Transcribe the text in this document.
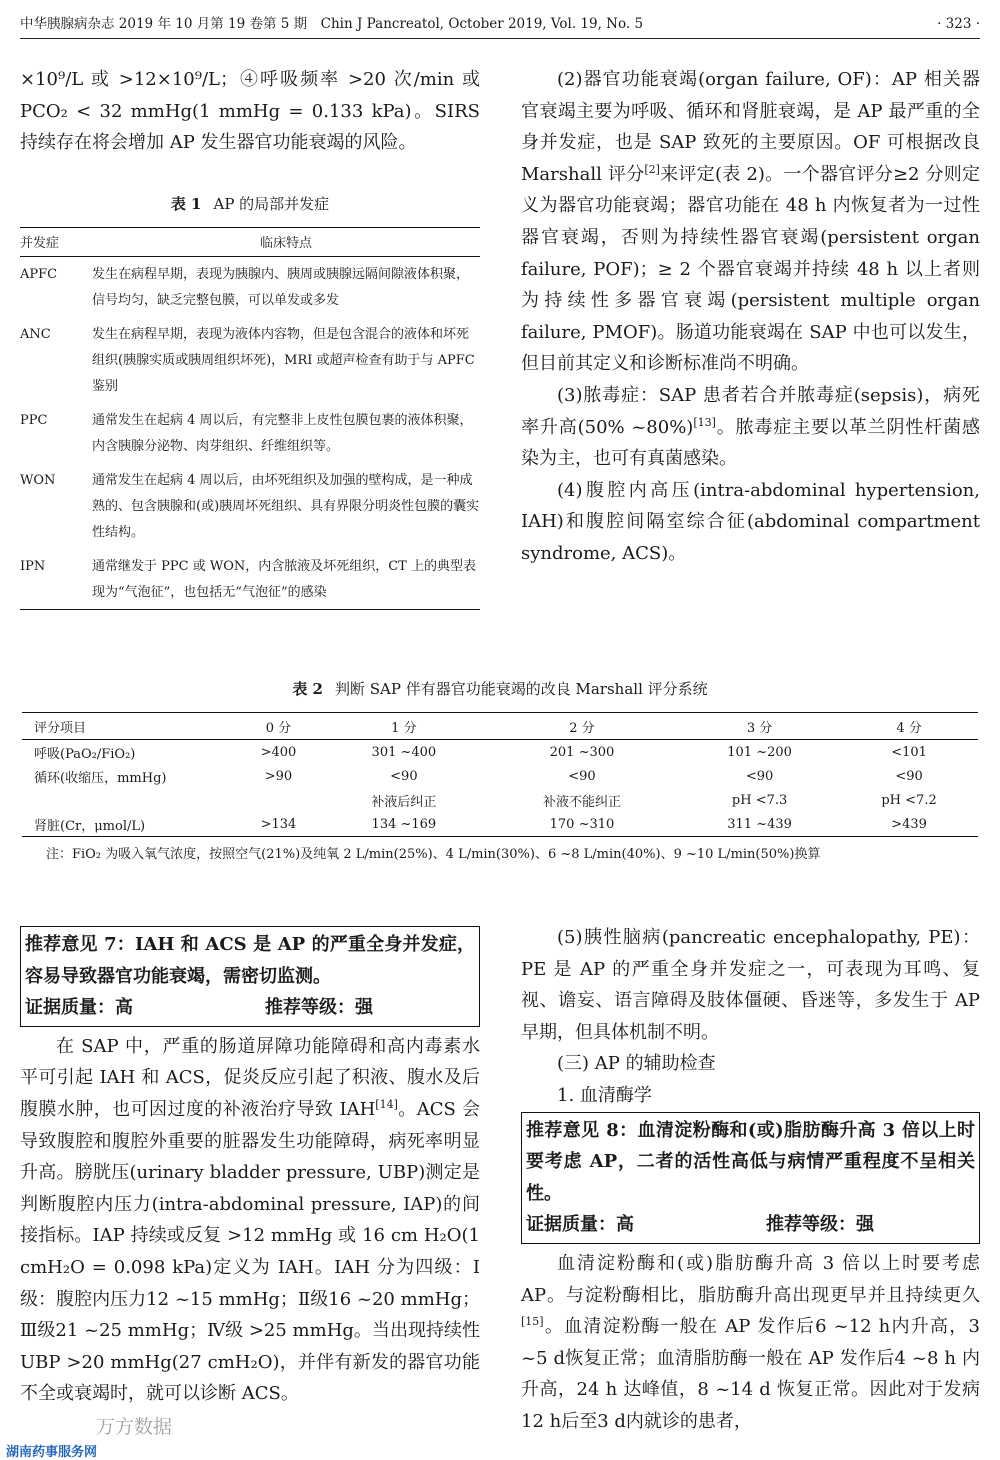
中华胰腺病杂志 2019 年 10 月第 19 卷第 5 期　Chin J Pancreatol, October 2019, Vol. 19, No. 5	· 323 ·

×10⁹/L 或 >12×10⁹/L；④呼吸频率 >20 次/min 或 PCO₂ < 32 mmHg(1 mmHg = 0.133 kPa)。SIRS 持续存在将会增加 AP 发生器官功能衰竭的风险。

表 1 AP 的局部并发症
并发症	临床特点
APFC	发生在病程早期，表现为胰腺内、胰周或胰腺远隔间隙液体积聚，信号均匀，缺乏完整包膜，可以单发或多发
ANC	发生在病程早期，表现为液体内容物，但是包含混合的液体和坏死组织(胰腺实质或胰周组织坏死)，MRI 或超声检查有助于与 APFC 鉴别
PPC	通常发生在起病 4 周以后，有完整非上皮性包膜包裹的液体积聚，内含胰腺分泌物、肉芽组织、纤维组织等。
WON	通常发生在起病 4 周以后，由坏死组织及加强的壁构成，是一种成熟的、包含胰腺和(或)胰周坏死组织、具有界限分明炎性包膜的囊实性结构。
IPN	通常继发于 PPC 或 WON，内含脓液及坏死组织，CT 上的典型表现为“气泡征”，也包括无“气泡征”的感染

(2)器官功能衰竭(organ failure, OF)：AP 相关器官衰竭主要为呼吸、循环和肾脏衰竭，是 AP 最严重的全身并发症，也是 SAP 致死的主要原因。OF 可根据改良 Marshall 评分[2]来评定(表 2)。一个器官评分≥2 分则定义为器官功能衰竭；器官功能在 48 h 内恢复者为一过性器官衰竭，否则为持续性器官衰竭(persistent organ failure, POF)；≥ 2 个器官衰竭并持续 48 h 以上者则为持续性多器官衰竭(persistent multiple organ failure, PMOF)。肠道功能衰竭在 SAP 中也可以发生，但目前其定义和诊断标准尚不明确。

(3)脓毒症：SAP 患者若合并脓毒症(sepsis)，病死率升高(50% ~80%)[13]。脓毒症主要以革兰阴性杆菌感染为主，也可有真菌感染。

(4)腹腔内高压(intra-abdominal hypertension, IAH)和腹腔间隔室综合征(abdominal compartment syndrome, ACS)。

表 2 判断 SAP 伴有器官功能衰竭的改良 Marshall 评分系统
评分项目	0 分	1 分	2 分	3 分	4 分
呼吸(PaO₂/FiO₂)	>400	301 ~400	201 ~300	101 ~200	<101
循环(收缩压，mmHg)	>90	<90	<90	<90	<90
		补液后纠正	补液不能纠正	pH <7.3	pH <7.2
肾脏(Cr，μmol/L)	>134	134 ~169	170 ~310	311 ~439	>439
注：FiO₂ 为吸入氧气浓度，按照空气(21%)及纯氧 2 L/min(25%)、4 L/min(30%)、6 ~8 L/min(40%)、9 ~10 L/min(50%)换算
推荐意见 7：IAH 和 ACS 是 AP 的严重全身并发症，容易导致器官功能衰竭，需密切监测。
证据质量：高	推荐等级：强

在 SAP 中，严重的肠道屏障功能障碍和高内毒素水平可引起 IAH 和 ACS，促炎反应引起了积液、腹水及后腹膜水肿，也可因过度的补液治疗导致 IAH[14]。ACS 会导致腹腔和腹腔外重要的脏器发生功能障碍，病死率明显升高。膀胱压(urinary bladder pressure, UBP)测定是判断腹腔内压力(intra-abdominal pressure, IAP)的间接指标。IAP 持续或反复 >12 mmHg 或 16 cm H₂O(1 cmH₂O = 0.098 kPa)定义为 IAH。IAH 分为四级：Ⅰ级：腹腔内压力12 ~15 mmHg；Ⅱ级16 ~20 mmHg；Ⅲ级21 ~25 mmHg；Ⅳ级 >25 mmHg。当出现持续性 UBP >20 mmHg(27 cmH₂O)，并伴有新发的器官功能不全或衰竭时，就可以诊断 ACS。

(5)胰性脑病(pancreatic encephalopathy, PE)：PE 是 AP 的严重全身并发症之一，可表现为耳鸣、复视、谵妄、语言障碍及肢体僵硬、昏迷等，多发生于 AP 早期，但具体机制不明。

(三) AP 的辅助检查

1. 血清酶学

推荐意见 8：血清淀粉酶和(或)脂肪酶升高 3 倍以上时要考虑 AP，二者的活性高低与病情严重程度不呈相关性。
证据质量：高	推荐等级：强

血清淀粉酶和(或)脂肪酶升高 3 倍以上时要考虑 AP。与淀粉酶相比，脂肪酶升高出现更早并且持续更久[15]。血清淀粉酶一般在 AP 发作后6 ~12 h内升高，3 ~5 d恢复正常；血清脂肪酶一般在 AP 发作后4 ~8 h 内升高，24 h 达峰值，8 ~14 d 恢复正常。因此对于发病12 h后至3 d内就诊的患者，

万方数据
湖南药事服务网
